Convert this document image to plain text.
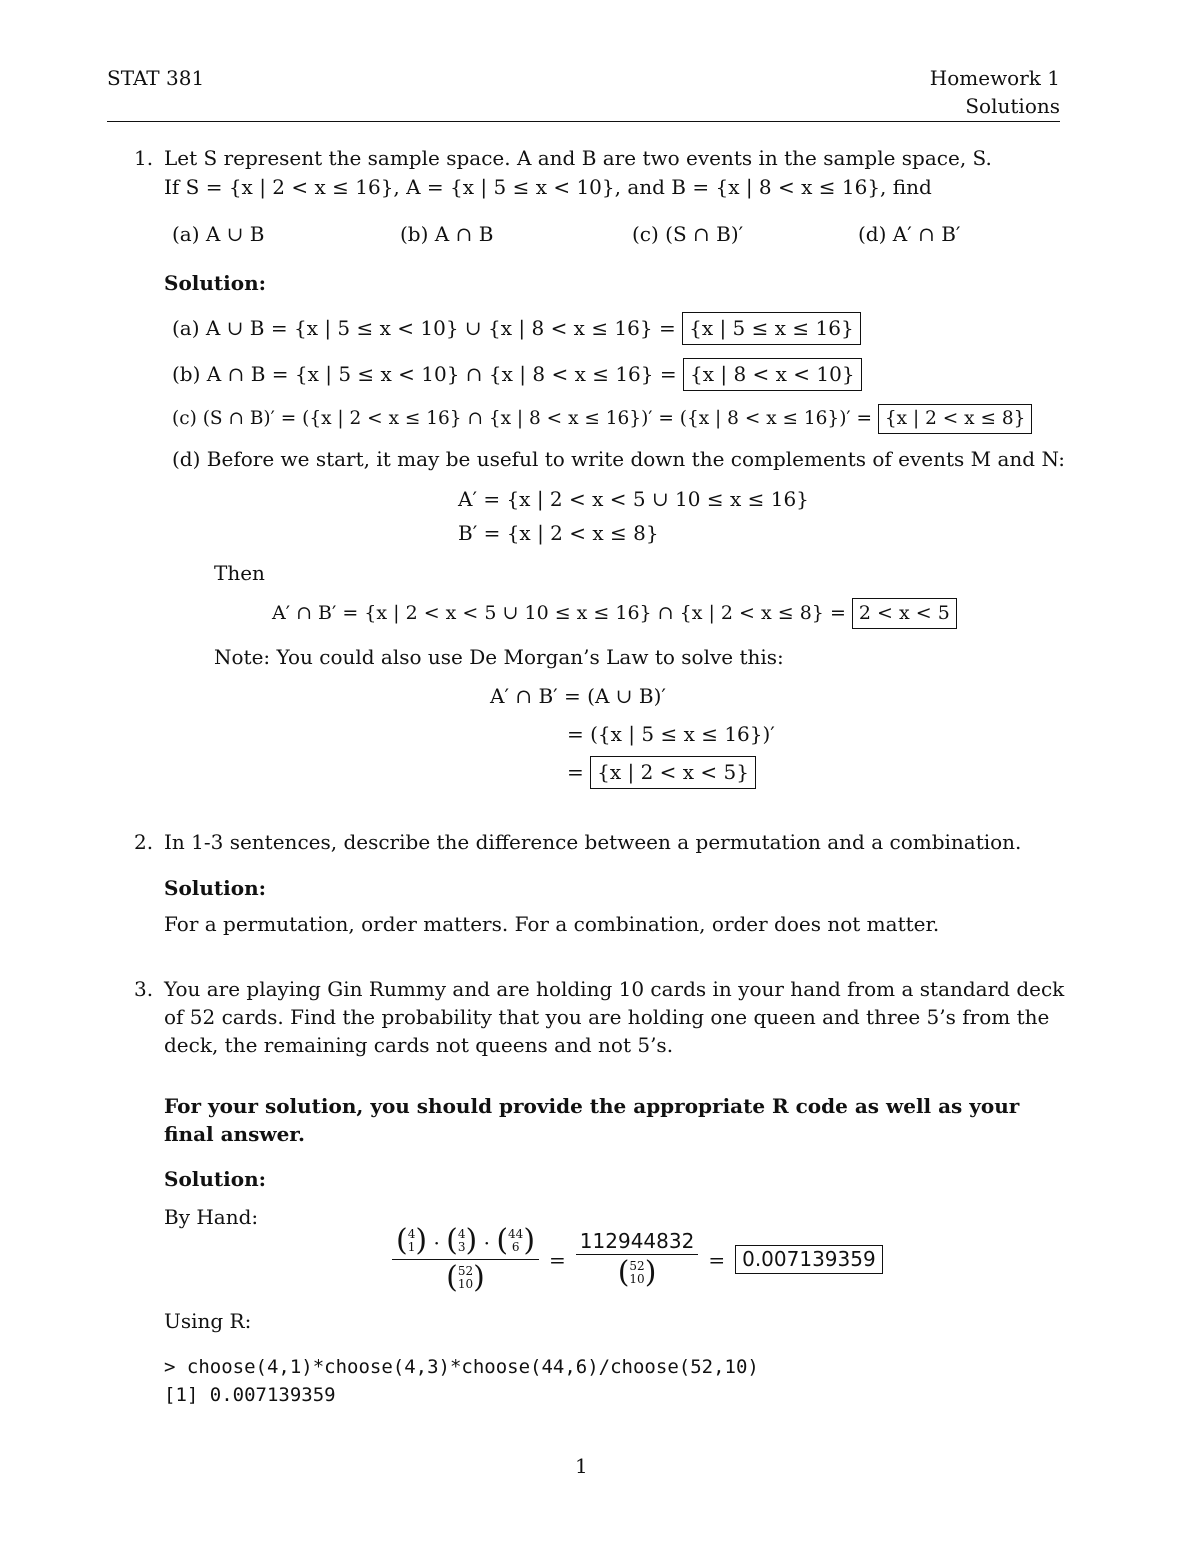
STAT 381	Homework 1
Solutions
1. Let S represent the sample space. A and B are two events in the sample space, S.
If S = {x | 2 < x ≤ 16}, A = {x | 5 ≤ x < 10}, and B = {x | 8 < x ≤ 16}, find
(a) A ∪ B	(b) A ∩ B	(c) (S ∩ B)′	(d) A′ ∩ B′
Solution:
(a) A ∪ B = {x | 5 ≤ x < 10} ∪ {x | 8 < x ≤ 16} = {x | 5 ≤ x ≤ 16}
(b) A ∩ B = {x | 5 ≤ x < 10} ∩ {x | 8 < x ≤ 16} = {x | 8 < x < 10}
(c) (S ∩ B)′ = ({x | 2 < x ≤ 16} ∩ {x | 8 < x ≤ 16})′ = ({x | 8 < x ≤ 16})′ = {x | 2 < x ≤ 8}
(d) Before we start, it may be useful to write down the complements of events M and N:
A′ = {x | 2 < x < 5 ∪ 10 ≤ x ≤ 16}
B′ = {x | 2 < x ≤ 8}
Then
A′ ∩ B′ = {x | 2 < x < 5 ∪ 10 ≤ x ≤ 16} ∩ {x | 2 < x ≤ 8} = 2 < x < 5
Note: You could also use De Morgan’s Law to solve this:
A′ ∩ B′ = (A ∪ B)′
= ({x | 5 ≤ x ≤ 16})′
= {x | 2 < x < 5}
2. In 1-3 sentences, describe the difference between a permutation and a combination.
Solution:
For a permutation, order matters. For a combination, order does not matter.
3. You are playing Gin Rummy and are holding 10 cards in your hand from a standard deck
of 52 cards. Find the probability that you are holding one queen and three 5’s from the
deck, the remaining cards not queens and not 5’s.
For your solution, you should provide the appropriate R code as well as your
final answer.
Solution:
By Hand:
( 4
1 ) · ( 4
3 ) · ( 44
6 )
( 52
10 ) = 112944832
( 52
10 ) = 0.007139359
Using R:
> choose(4,1)*choose(4,3)*choose(44,6)/choose(52,10)
[1] 0.007139359
1
